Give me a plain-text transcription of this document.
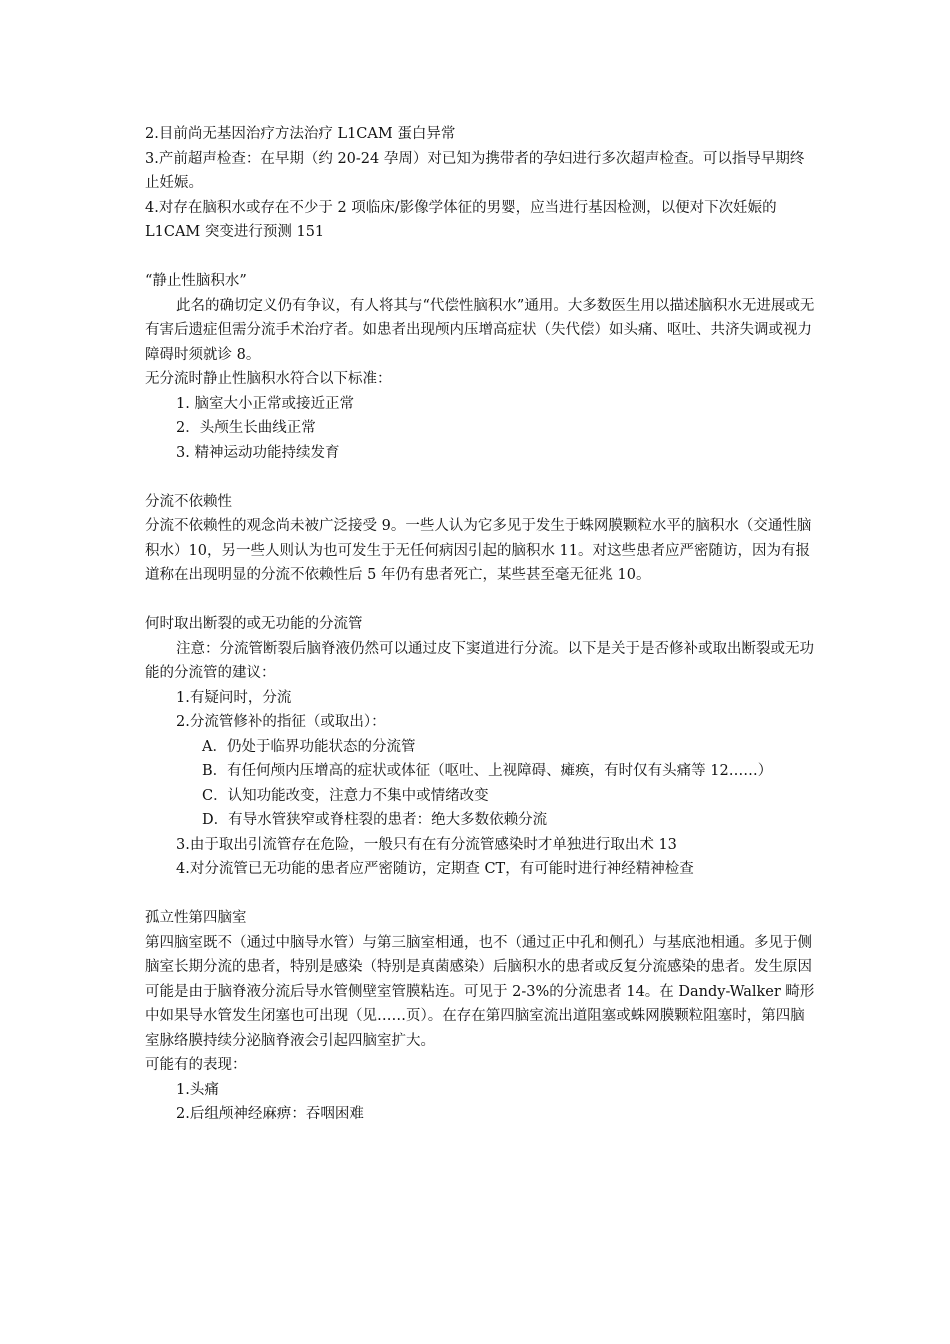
2.目前尚无基因治疗方法治疗 L1CAM 蛋白异常

3.产前超声检查：在早期（约 20-24 孕周）对已知为携带者的孕妇进行多次超声检查。可以指导早期终止妊娠。

4.对存在脑积水或存在不少于 2 项临床/影像学体征的男婴，应当进行基因检测，以便对下次妊娠的 L1CAM 突变进行预测 151

“静止性脑积水”

此名的确切定义仍有争议，有人将其与“代偿性脑积水”通用。大多数医生用以描述脑积水无进展或无有害后遗症但需分流手术治疗者。如患者出现颅内压增高症状（失代偿）如头痛、呕吐、共济失调或视力障碍时须就诊 8。

无分流时静止性脑积水符合以下标准：

1. 脑室大小正常或接近正常

2．头颅生长曲线正常

3. 精神运动功能持续发育

分流不依赖性

分流不依赖性的观念尚未被广泛接受 9。一些人认为它多见于发生于蛛网膜颗粒水平的脑积水（交通性脑积水）10，另一些人则认为也可发生于无任何病因引起的脑积水 11。对这些患者应严密随访，因为有报道称在出现明显的分流不依赖性后 5 年仍有患者死亡，某些甚至毫无征兆 10。

何时取出断裂的或无功能的分流管

注意：分流管断裂后脑脊液仍然可以通过皮下窦道进行分流。以下是关于是否修补或取出断裂或无功能的分流管的建议：

1.有疑问时，分流

2.分流管修补的指征（或取出）：

A．仍处于临界功能状态的分流管

B．有任何颅内压增高的症状或体征（呕吐、上视障碍、瘫痪，有时仅有头痛等 12……）

C．认知功能改变，注意力不集中或情绪改变

D．有导水管狭窄或脊柱裂的患者：绝大多数依赖分流

3.由于取出引流管存在危险，一般只有在有分流管感染时才单独进行取出术 13

4.对分流管已无功能的患者应严密随访，定期查 CT，有可能时进行神经精神检查

孤立性第四脑室

第四脑室既不（通过中脑导水管）与第三脑室相通，也不（通过正中孔和侧孔）与基底池相通。多见于侧脑室长期分流的患者，特别是感染（特别是真菌感染）后脑积水的患者或反复分流感染的患者。发生原因可能是由于脑脊液分流后导水管侧壁室管膜粘连。可见于 2-3%的分流患者 14。在 Dandy-Walker 畸形中如果导水管发生闭塞也可出现（见……页）。在存在第四脑室流出道阻塞或蛛网膜颗粒阻塞时，第四脑室脉络膜持续分泌脑脊液会引起四脑室扩大。

可能有的表现：

1.头痛

2.后组颅神经麻痹：吞咽困难
